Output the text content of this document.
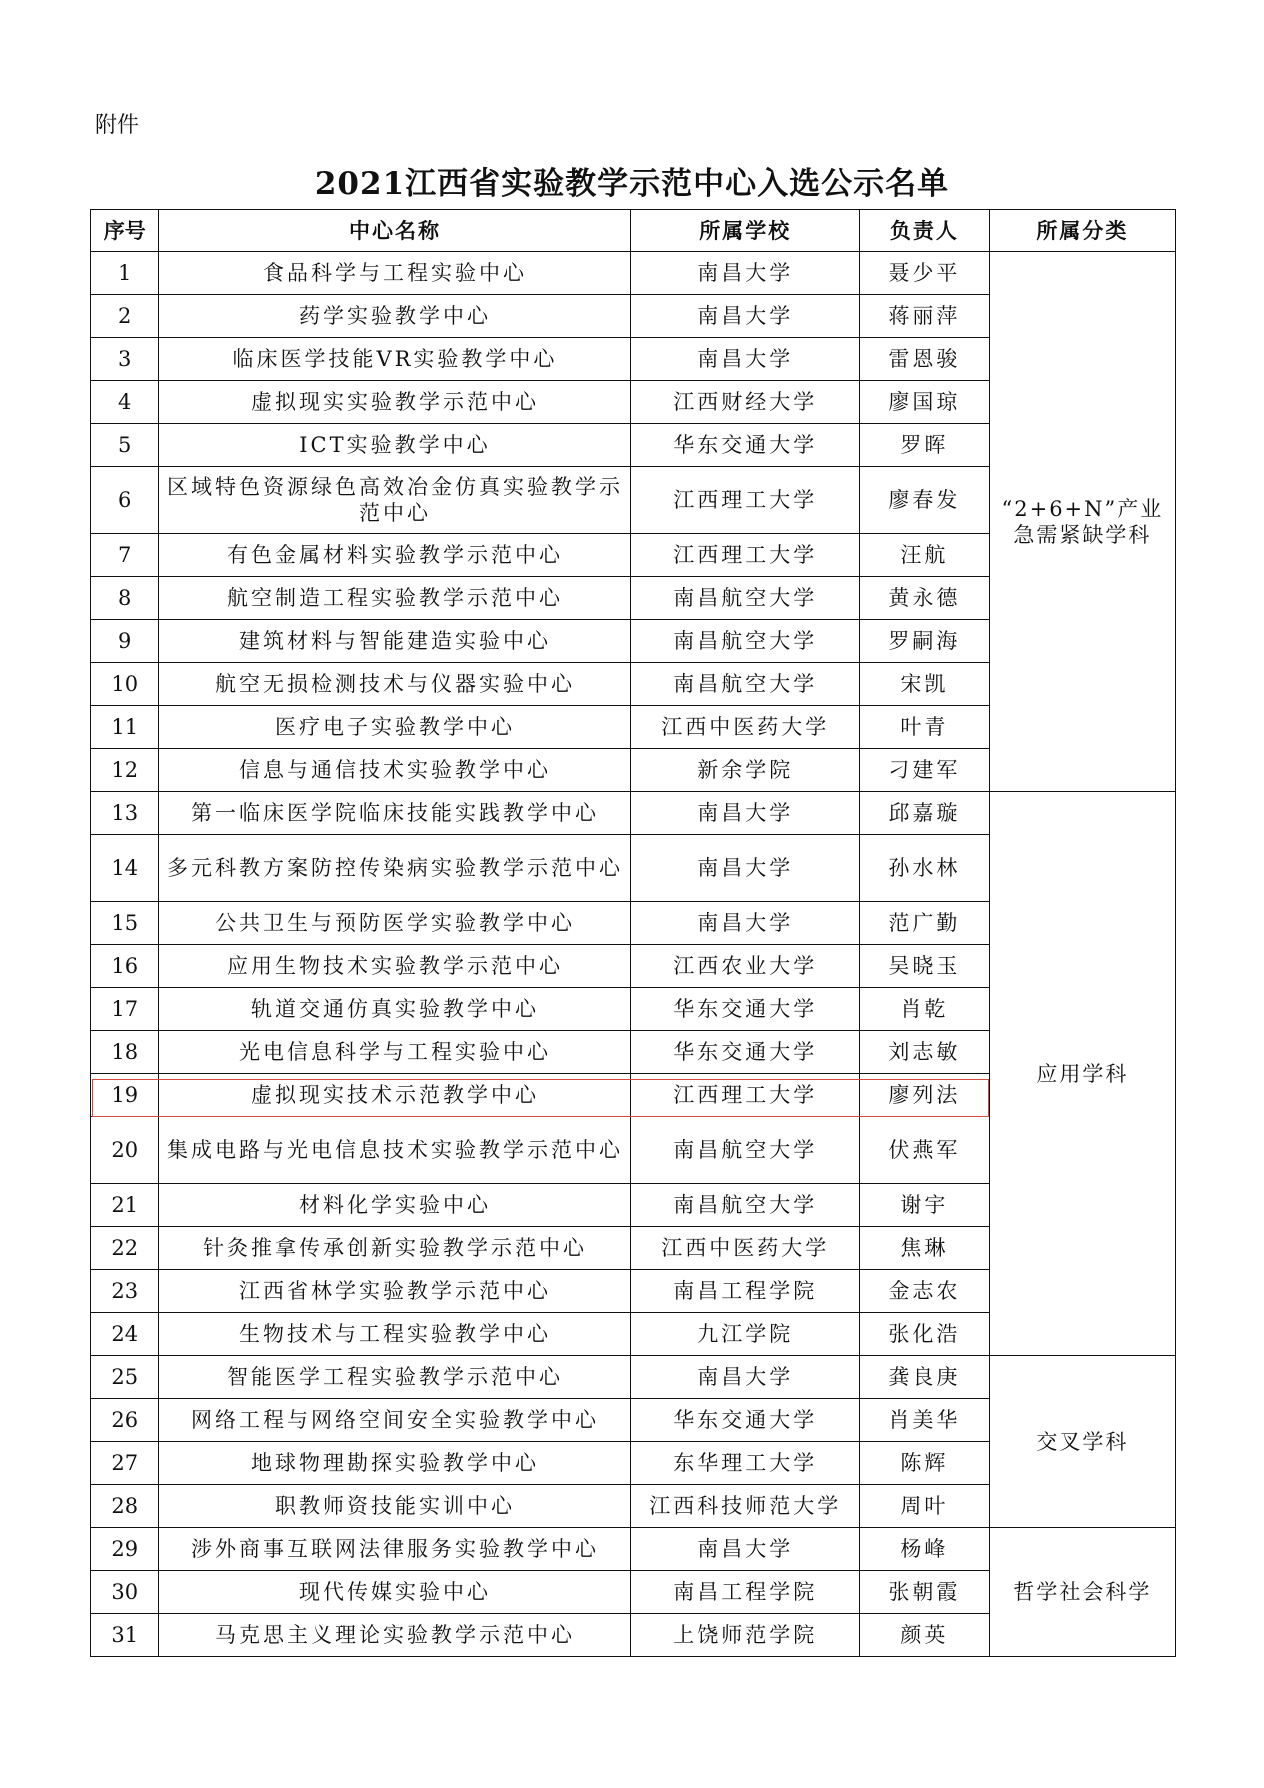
附件
2021江西省实验教学示范中心入选公示名单
序号	中心名称	所属学校	负责人	所属分类
1	食品科学与工程实验中心	南昌大学	聂少平	“2+6+N”产业急需紧缺学科
2	药学实验教学中心	南昌大学	蒋丽萍	
3	临床医学技能VR实验教学中心	南昌大学	雷恩骏	
4	虚拟现实实验教学示范中心	江西财经大学	廖国琼	
5	ICT实验教学中心	华东交通大学	罗晖	
6	区域特色资源绿色高效冶金仿真实验教学示范中心	江西理工大学	廖春发	
7	有色金属材料实验教学示范中心	江西理工大学	汪航	
8	航空制造工程实验教学示范中心	南昌航空大学	黄永德	
9	建筑材料与智能建造实验中心	南昌航空大学	罗嗣海	
10	航空无损检测技术与仪器实验中心	南昌航空大学	宋凯	
11	医疗电子实验教学中心	江西中医药大学	叶青	
12	信息与通信技术实验教学中心	新余学院	刁建军	
13	第一临床医学院临床技能实践教学中心	南昌大学	邱嘉璇	应用学科
14	多元科教方案防控传染病实验教学示范中心	南昌大学	孙水林	
15	公共卫生与预防医学实验教学中心	南昌大学	范广勤	
16	应用生物技术实验教学示范中心	江西农业大学	吴晓玉	
17	轨道交通仿真实验教学中心	华东交通大学	肖乾	
18	光电信息科学与工程实验中心	华东交通大学	刘志敏	
19	虚拟现实技术示范教学中心	江西理工大学	廖列法	
20	集成电路与光电信息技术实验教学示范中心	南昌航空大学	伏燕军	
21	材料化学实验中心	南昌航空大学	谢宇	
22	针灸推拿传承创新实验教学示范中心	江西中医药大学	焦琳	
23	江西省林学实验教学示范中心	南昌工程学院	金志农	
24	生物技术与工程实验教学中心	九江学院	张化浩	
25	智能医学工程实验教学示范中心	南昌大学	龚良庚	交叉学科
26	网络工程与网络空间安全实验教学中心	华东交通大学	肖美华	
27	地球物理勘探实验教学中心	东华理工大学	陈辉	
28	职教师资技能实训中心	江西科技师范大学	周叶	
29	涉外商事互联网法律服务实验教学中心	南昌大学	杨峰	哲学社会科学
30	现代传媒实验中心	南昌工程学院	张朝霞	
31	马克思主义理论实验教学示范中心	上饶师范学院	颜英	
